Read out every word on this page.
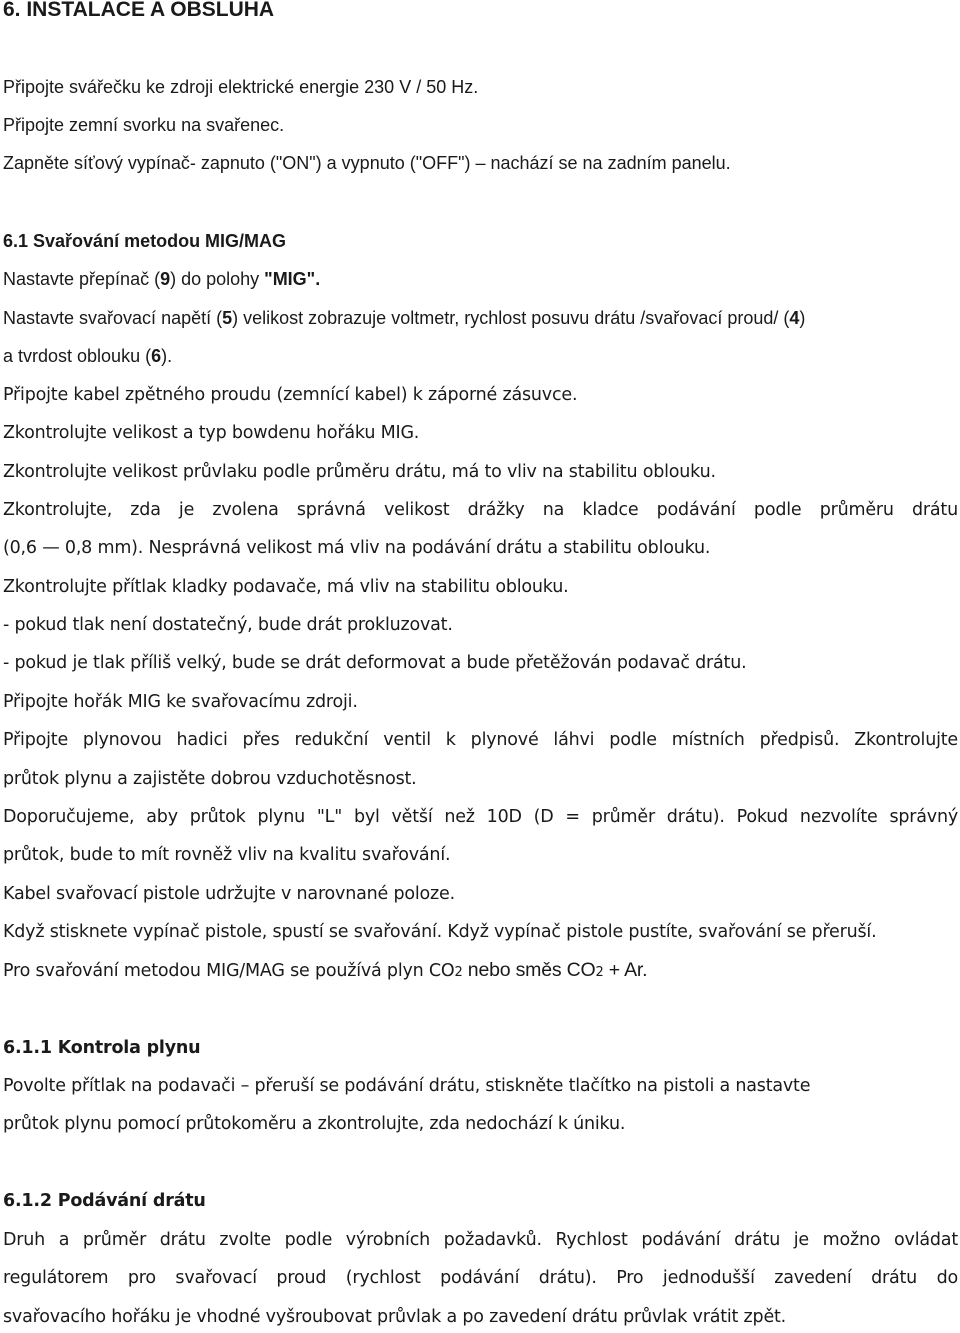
6. INSTALACE A OBSLUHA
Připojte svářečku ke zdroji elektrické energie 230 V / 50 Hz.
Připojte zemní svorku na svařenec.
Zapněte síťový vypínač- zapnuto ("ON") a vypnuto ("OFF") – nachází se na zadním panelu.
6.1 Svařování metodou MIG/MAG
Nastavte přepínač (9) do polohy "MIG".
Nastavte svařovací napětí (5) velikost zobrazuje voltmetr, rychlost posuvu drátu /svařovací proud/ (4)
a tvrdost oblouku (6).
Připojte kabel zpětného proudu (zemnící kabel) k záporné zásuvce.
Zkontrolujte velikost a typ bowdenu hořáku MIG.
Zkontrolujte velikost průvlaku podle průměru drátu, má to vliv na stabilitu oblouku.
Zkontrolujte, zda je zvolena správná velikost drážky na kladce podávání podle průměru drátu
(0,6 — 0,8 mm). Nesprávná velikost má vliv na podávání drátu a stabilitu oblouku.
Zkontrolujte přítlak kladky podavače, má vliv na stabilitu oblouku.
- pokud tlak není dostatečný, bude drát prokluzovat.
- pokud je tlak příliš velký, bude se drát deformovat a bude přetěžován podavač drátu.
Připojte hořák MIG ke svařovacímu zdroji.
Připojte plynovou hadici přes redukční ventil k plynové láhvi podle místních předpisů. Zkontrolujte
průtok plynu a zajistěte dobrou vzduchotěsnost.
Doporučujeme, aby průtok plynu "L" byl větší než 10D (D = průměr drátu). Pokud nezvolíte správný
průtok, bude to mít rovněž vliv na kvalitu svařování.
Kabel svařovací pistole udržujte v narovnané poloze.
Když stisknete vypínač pistole, spustí se svařování. Když vypínač pistole pustíte, svařování se přeruší.
Pro svařování metodou MIG/MAG se používá plyn CO2 nebo směs CO2 + Ar.
6.1.1 Kontrola plynu
Povolte přítlak na podavači – přeruší se podávání drátu, stiskněte tlačítko na pistoli a nastavte
průtok plynu pomocí průtokoměru a zkontrolujte, zda nedochází k úniku.
6.1.2 Podávání drátu
Druh a průměr drátu zvolte podle výrobních požadavků. Rychlost podávání drátu je možno ovládat
regulátorem pro svařovací proud (rychlost podávání drátu). Pro jednodušší zavedení drátu do
svařovacího hořáku je vhodné vyšroubovat průvlak a po zavedení drátu průvlak vrátit zpět.
